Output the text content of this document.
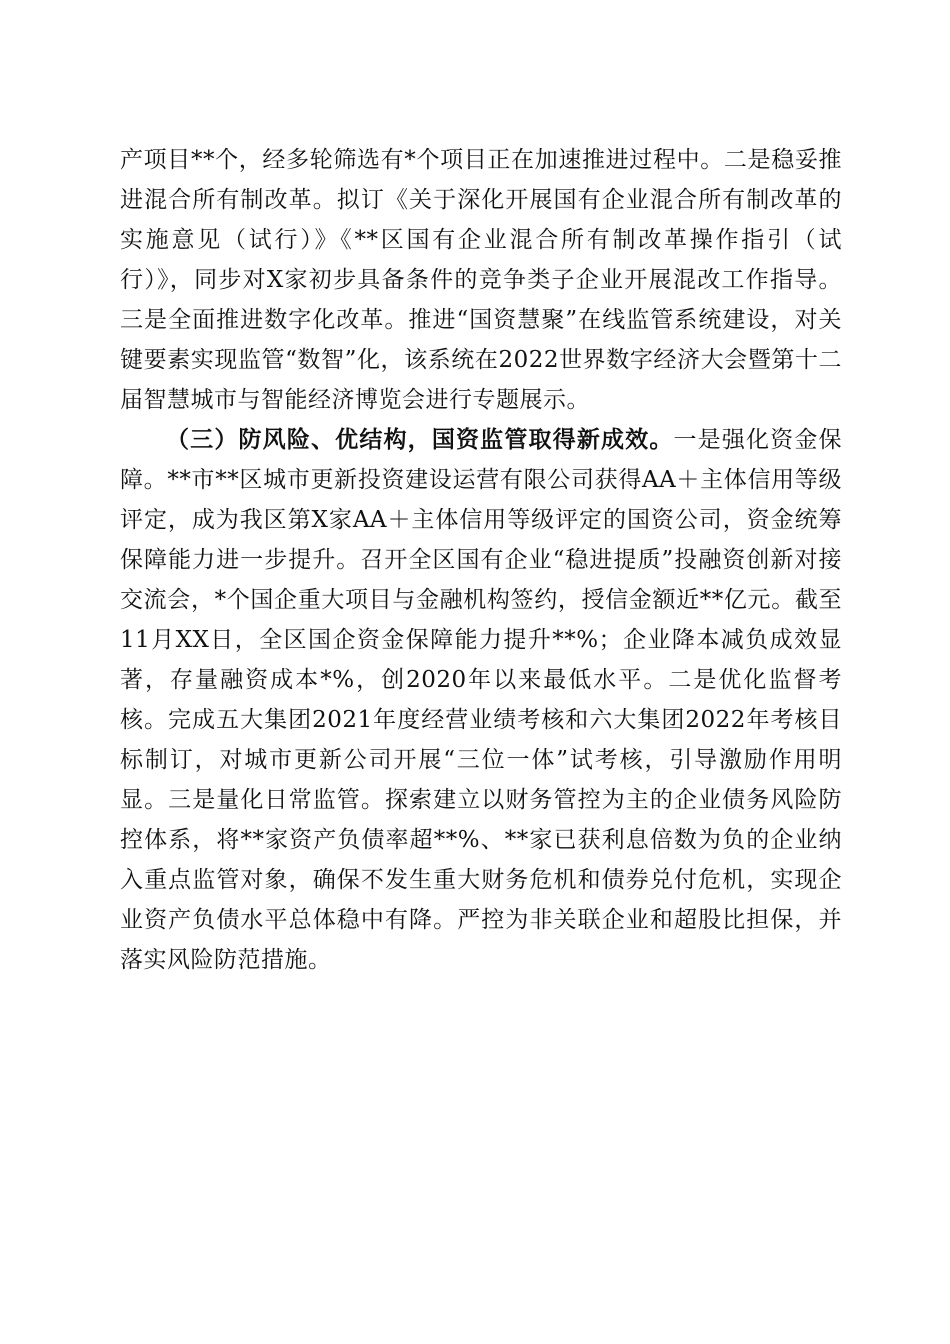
产项目**个，经多轮筛选有*个项目正在加速推进过程中。二是稳妥推进混合所有制改革。拟订《关于深化开展国有企业混合所有制改革的实施意见（试行）》《**区国有企业混合所有制改革操作指引（试行）》，同步对X家初步具备条件的竞争类子企业开展混改工作指导。三是全面推进数字化改革。推进“国资慧聚”在线监管系统建设，对关键要素实现监管“数智”化，该系统在2022世界数字经济大会暨第十二届智慧城市与智能经济博览会进行专题展示。

（三）防风险、优结构，国资监管取得新成效。一是强化资金保障。**市**区城市更新投资建设运营有限公司获得AA＋主体信用等级评定，成为我区第X家AA＋主体信用等级评定的国资公司，资金统筹保障能力进一步提升。召开全区国有企业“稳进提质”投融资创新对接交流会，*个国企重大项目与金融机构签约，授信金额近**亿元。截至11月XX日，全区国企资金保障能力提升**%；企业降本减负成效显著，存量融资成本*%，创2020年以来最低水平。二是优化监督考核。完成五大集团2021年度经营业绩考核和六大集团2022年考核目标制订，对城市更新公司开展“三位一体”试考核，引导激励作用明显。三是量化日常监管。探索建立以财务管控为主的企业债务风险防控体系，将**家资产负债率超**%、**家已获利息倍数为负的企业纳入重点监管对象，确保不发生重大财务危机和债券兑付危机，实现企业资产负债水平总体稳中有降。严控为非关联企业和超股比担保，并落实风险防范措施。
